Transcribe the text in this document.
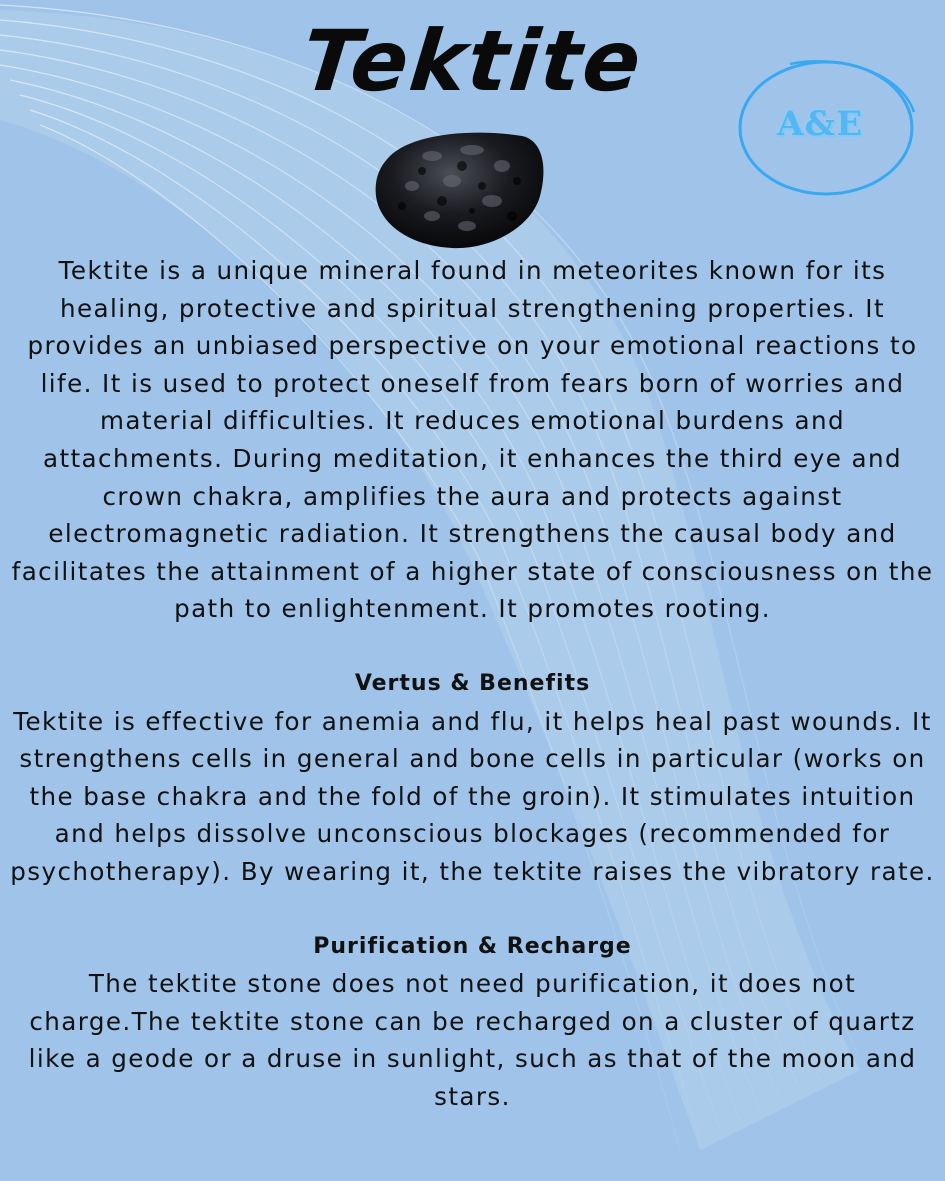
Tektite
A&E

Tektite is a unique mineral found in meteorites known for its healing, protective and spiritual strengthening properties. It provides an unbiased perspective on your emotional reactions to life. It is used to protect oneself from fears born of worries and material difficulties. It reduces emotional burdens and attachments. During meditation, it enhances the third eye and crown chakra, amplifies the aura and protects against electromagnetic radiation. It strengthens the causal body and facilitates the attainment of a higher state of consciousness on the path to enlightenment. It promotes rooting.

Vertus & Benefits

Tektite is effective for anemia and flu, it helps heal past wounds. It strengthens cells in general and bone cells in particular (works on the base chakra and the fold of the groin). It stimulates intuition and helps dissolve unconscious blockages (recommended for psychotherapy). By wearing it, the tektite raises the vibratory rate.

Purification & Recharge

The tektite stone does not need purification, it does not charge.The tektite stone can be recharged on a cluster of quartz like a geode or a druse in sunlight, such as that of the moon and stars.
